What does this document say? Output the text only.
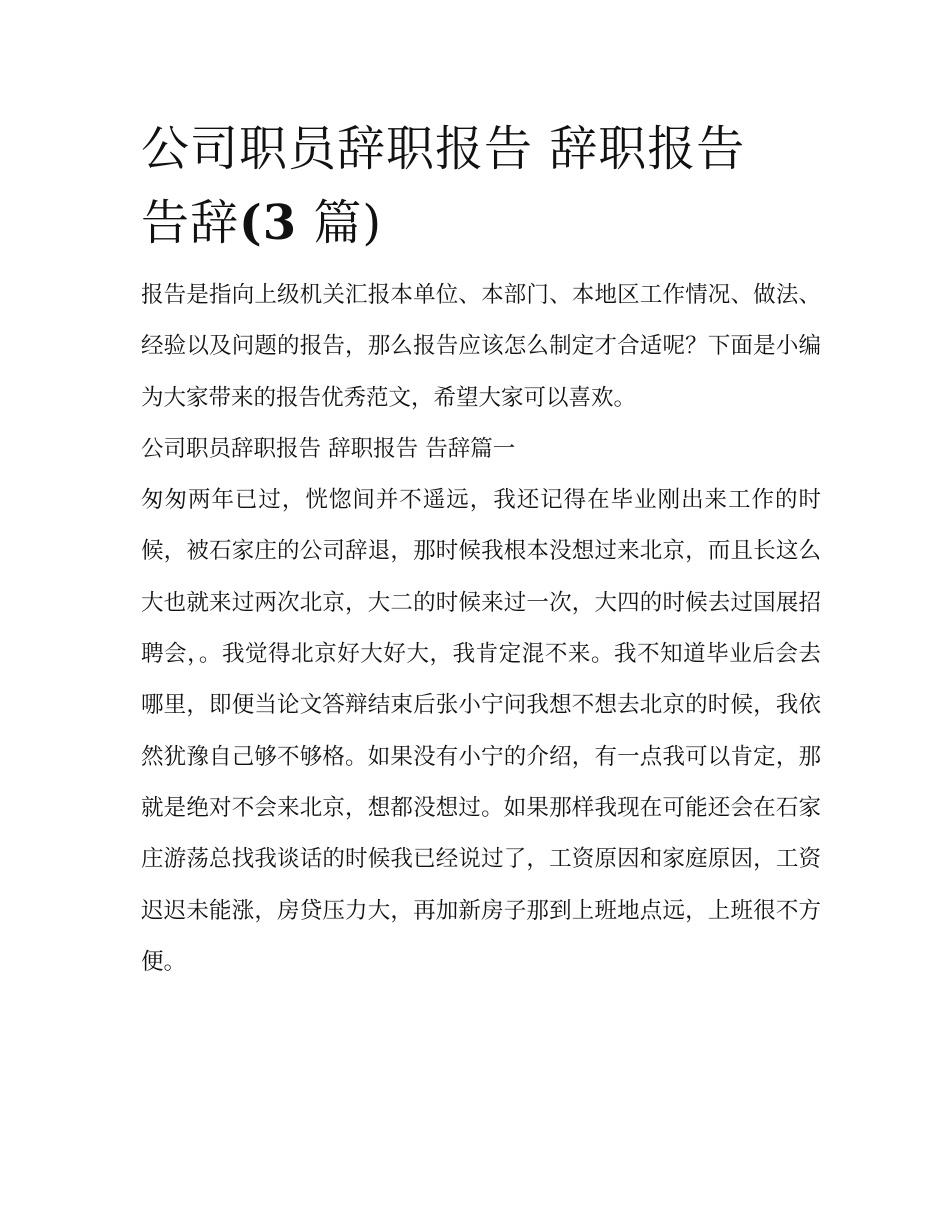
公司职员辞职报告 辞职报告
告辞(3 篇)

报告是指向上级机关汇报本单位、本部门、本地区工作情况、做法、经验以及问题的报告，那么报告应该怎么制定才合适呢？下面是小编为大家带来的报告优秀范文，希望大家可以喜欢。

公司职员辞职报告 辞职报告 告辞篇一

匆匆两年已过，恍惚间并不遥远，我还记得在毕业刚出来工作的时候，被石家庄的公司辞退，那时候我根本没想过来北京，而且长这么大也就来过两次北京，大二的时候来过一次，大四的时候去过国展招聘会，。我觉得北京好大好大，我肯定混不来。我不知道毕业后会去哪里，即便当论文答辩结束后张小宁问我想不想去北京的时候，我依然犹豫自己够不够格。如果没有小宁的介绍，有一点我可以肯定，那就是绝对不会来北京，想都没想过。如果那样我现在可能还会在石家庄游荡总找我谈话的时候我已经说过了，工资原因和家庭原因，工资迟迟未能涨，房贷压力大，再加新房子那到上班地点远，上班很不方便。
